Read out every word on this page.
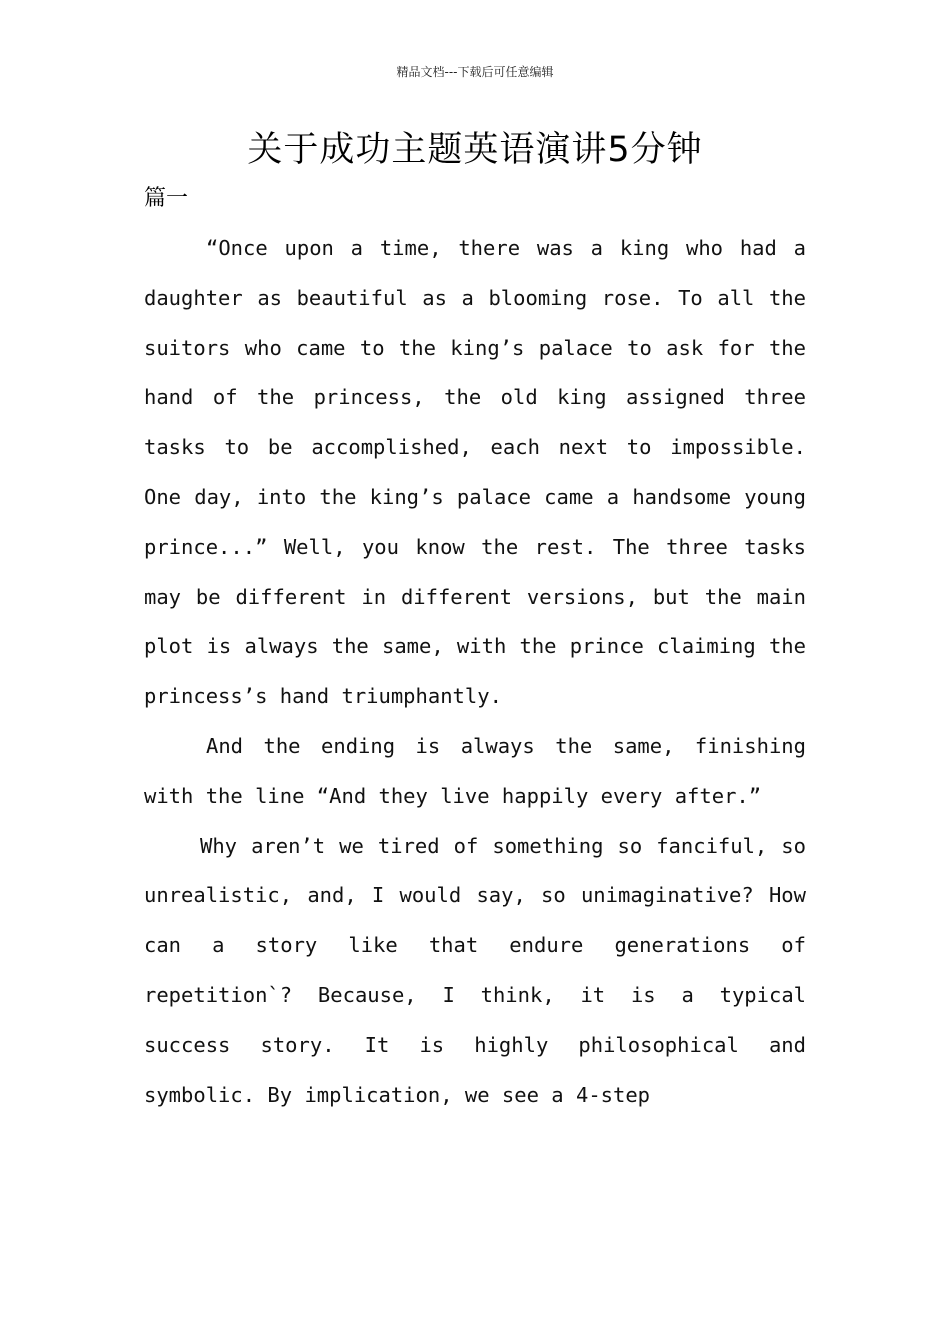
精品文档---下载后可任意编辑
关于成功主题英语演讲5分钟
篇一

“Once upon a time, there was a king who had a daughter as beautiful as a blooming rose. To all the suitors who came to the king’s palace to ask for the hand of the princess, the old king assigned three tasks to be accomplished, each next to impossible. One day, into the king’s palace came a handsome young prince...” Well, you know the rest. The three tasks may be different in different versions, but the main plot is always the same, with the prince claiming the princess’s hand triumphantly.

And the ending is always the same, finishing with the line “And they live happily every after.”

Why aren’t we tired of something so fanciful, so unrealistic, and, I would say, so unimaginative? How can a story like that endure generations of repetition`? Because, I think, it is a typical success story. It is highly philosophical and symbolic. By implication, we see a 4-step
